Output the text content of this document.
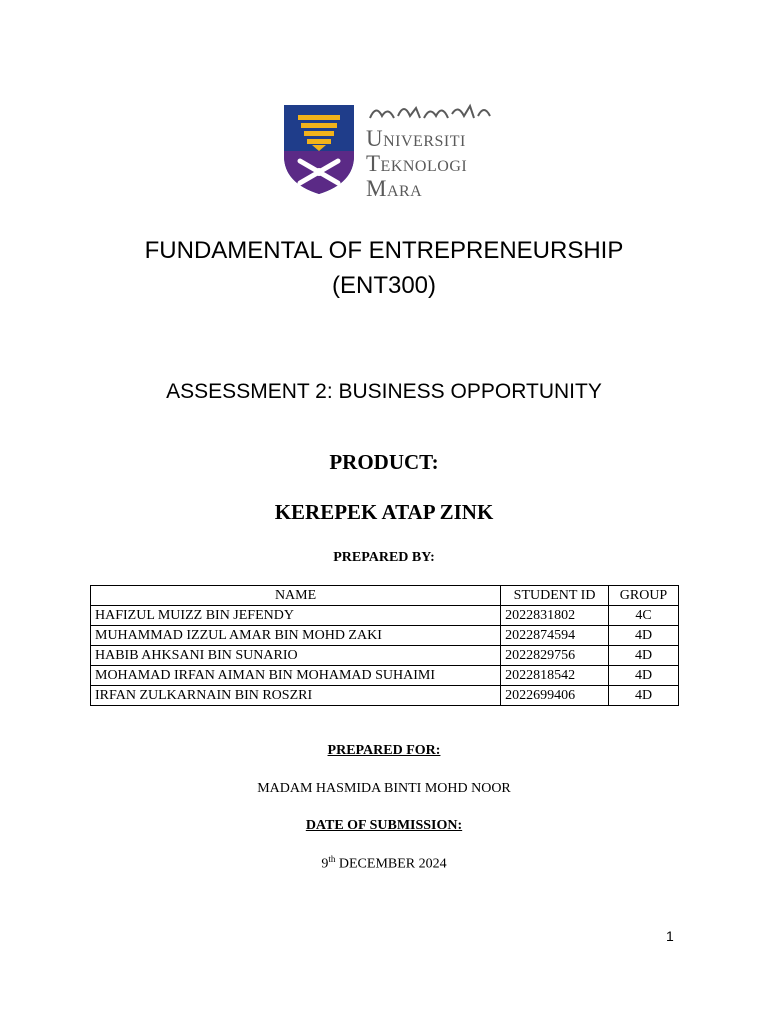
Universiti
Teknologi
Mara
FUNDAMENTAL OF ENTREPRENEURSHIP
(ENT300)
ASSESSMENT 2: BUSINESS OPPORTUNITY
PRODUCT:
KEREPEK ATAP ZINK
PREPARED BY:
NAME	STUDENT ID	GROUP
HAFIZUL MUIZZ BIN JEFENDY	2022831802	4C
MUHAMMAD IZZUL AMAR BIN MOHD ZAKI	2022874594	4D
HABIB AHKSANI BIN SUNARIO	2022829756	4D
MOHAMAD IRFAN AIMAN BIN MOHAMAD SUHAIMI	2022818542	4D
IRFAN ZULKARNAIN BIN ROSZRI	2022699406	4D
PREPARED FOR:
MADAM HASMIDA BINTI MOHD NOOR
DATE OF SUBMISSION:
9th DECEMBER 2024
1
